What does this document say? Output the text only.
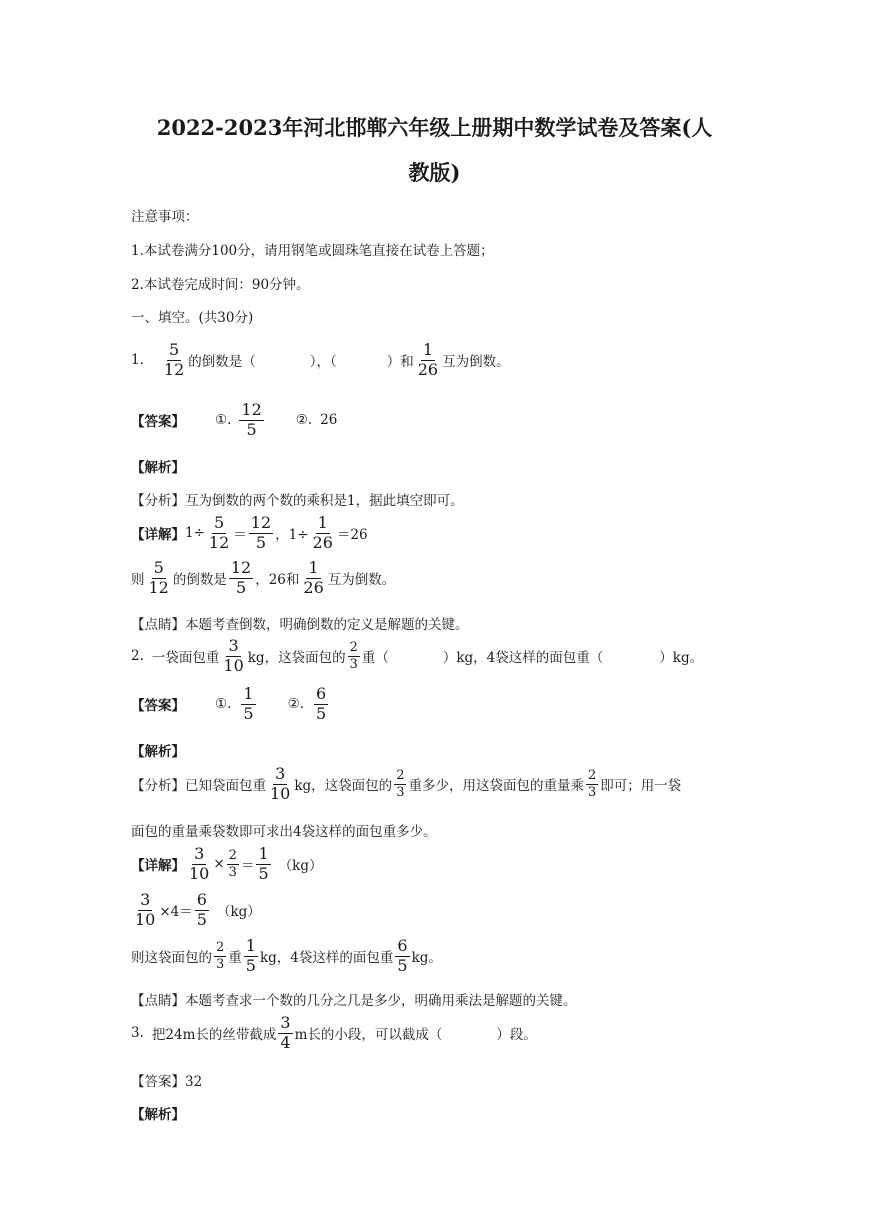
2022-2023年河北邯郸六年级上册期中数学试卷及答案(人
教版)
注意事项：
1.本试卷满分100分，请用钢笔或圆珠笔直接在试卷上答题；
2.本试卷完成时间：90分钟。
一、填空。(共30分)
1. $\frac{5}{12}$ 的倒数是（	），（	）和 $\frac{1}{26}$ 互为倒数。
【答案】 ①. $\frac{12}{5}$ ②. 26
【解析】
【分析】互为倒数的两个数的乘积是1，据此填空即可。
【详解】 $1\div \frac{5}{12} = \frac{12}{5}$ ，$1\div \frac{1}{26} =26$
则 $\frac{5}{12}$ 的倒数是 $\frac{12}{5}$ ，26和 $\frac{1}{26}$ 互为倒数。
【点睛】本题考查倒数，明确倒数的定义是解题的关键。
2. 一袋面包重 $\frac{3}{10}$ kg，这袋面包的 $\frac{2}{3}$ 重（	）kg，4袋这样的面包重（	）kg。
【答案】 ①. $\frac{1}{5}$ ②. $\frac{6}{5}$
【解析】
【分析】已知袋面包重 $\frac{3}{10}$ kg，这袋面包的 $\frac{2}{3}$ 重多少，用这袋面包的重量乘 $\frac{2}{3}$ 即可；用一袋
面包的重量乘袋数即可求出4袋这样的面包重多少。
【详解】 $\frac{3}{10} \times \frac{2}{3} = \frac{1}{5} (kg)$
$\frac{3}{10} \times 4= \frac{6}{5} (kg)$
则这袋面包的 $\frac{2}{3}$ 重 $\frac{1}{5}$ kg，4袋这样的面包重 $\frac{6}{5}$ kg。
【点睛】本题考查求一个数的几分之几是多少，明确用乘法是解题的关键。
3. 把24m长的丝带截成 $\frac{3}{4}$ m长的小段，可以截成（	）段。
【答案】32
【解析】
